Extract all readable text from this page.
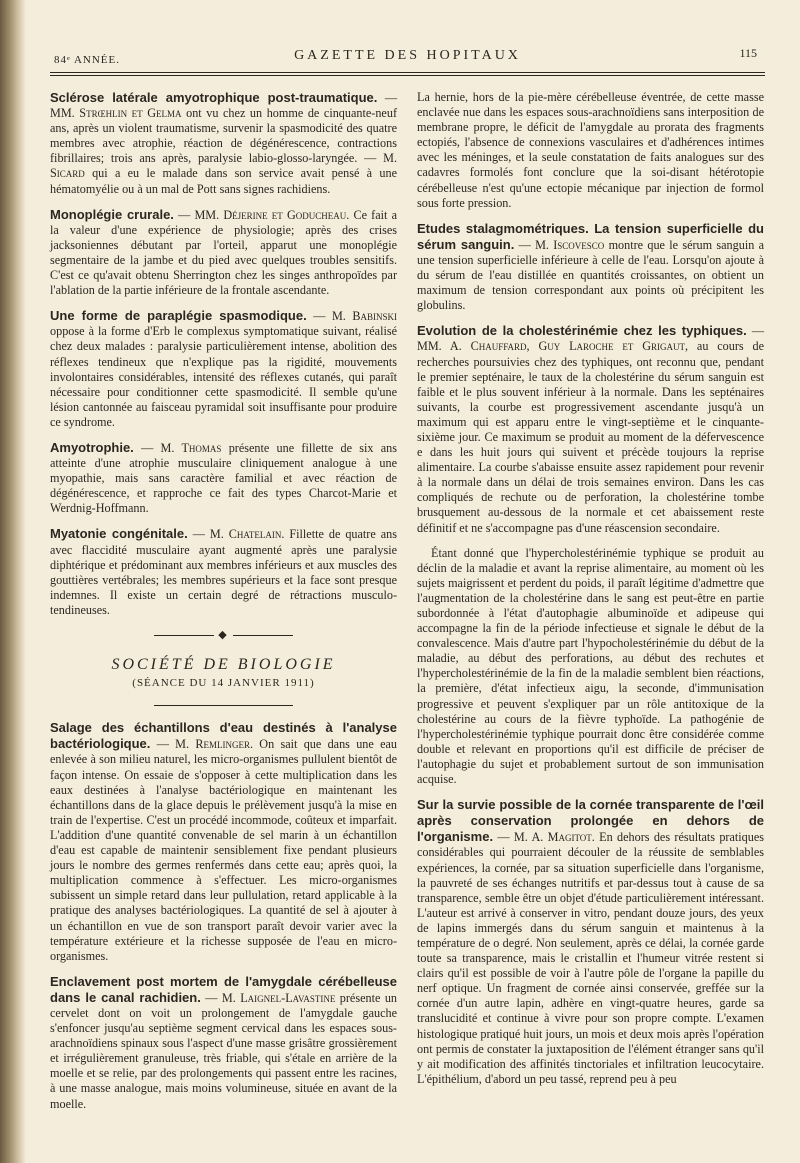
84ᵉ ANNÉE.	GAZETTE DES HOPITAUX	115

Sclérose latérale amyotrophique post-traumatique. — MM. Strœhlin et Gelma ont vu chez un homme de cinquante-neuf ans, après un violent traumatisme, survenir la spasmodicité des quatre membres avec atrophie, réaction de dégénérescence, contractions fibrillaires; trois ans après, paralysie labio-glosso-laryngée. — M. Sicard qui a eu le malade dans son service avait pensé à une hématomyélie ou à un mal de Pott sans signes rachidiens.

Monoplégie crurale. — MM. Déjerine et Goducheau. Ce fait a la valeur d'une expérience de physiologie; après des crises jacksoniennes débutant par l'orteil, apparut une monoplégie segmentaire de la jambe et du pied avec quelques troubles sensitifs. C'est ce qu'avait obtenu Sherrington chez les singes anthropoïdes par l'ablation de la partie inférieure de la frontale ascendante.

Une forme de paraplégie spasmodique. — M. Babinski oppose à la forme d'Erb le complexus symptomatique suivant, réalisé chez deux malades : paralysie particulièrement intense, abolition des réflexes tendineux que n'explique pas la rigidité, mouvements involontaires considérables, intensité des réflexes cutanés, qui paraît nécessaire pour conditionner cette spasmodicité. Il semble qu'une lésion cantonnée au faisceau pyramidal soit insuffisante pour produire ce syndrome.

Amyotrophie. — M. Thomas présente une fillette de six ans atteinte d'une atrophie musculaire cliniquement analogue à une myopathie, mais sans caractère familial et avec réaction de dégénérescence, et rapproche ce fait des types Charcot-Marie et Werdnig-Hoffmann.

Myatonie congénitale. — M. Chatelain. Fillette de quatre ans avec flaccidité musculaire ayant augmenté après une paralysie diphtérique et prédominant aux membres inférieurs et aux muscles des gouttières vertébrales; les membres supérieurs et la face sont presque indemnes. Il existe un certain degré de rétractions musculo-tendineuses.

◆
SOCIÉTÉ DE BIOLOGIE
(SÉANCE DU 14 JANVIER 1911)

Salage des échantillons d'eau destinés à l'analyse bactériologique. — M. Remlinger. On sait que dans une eau enlevée à son milieu naturel, les micro-organismes pullulent bientôt de façon intense. On essaie de s'opposer à cette multiplication dans les eaux destinées à l'analyse bactériologique en maintenant les échantillons dans de la glace depuis le prélèvement jusqu'à la mise en train de l'expertise. C'est un procédé incommode, coûteux et imparfait. L'addition d'une quantité convenable de sel marin à un échantillon d'eau est capable de maintenir sensiblement fixe pendant plusieurs jours le nombre des germes renfermés dans cette eau; après quoi, la multiplication commence à s'effectuer. Les micro-organismes subissent un simple retard dans leur pullulation, retard applicable à la pratique des analyses bactériologiques. La quantité de sel à ajouter à un échantillon en vue de son transport paraît devoir varier avec la température extérieure et la richesse supposée de l'eau en micro-organismes.

Enclavement post mortem de l'amygdale cérébelleuse dans le canal rachidien. — M. Laignel-Lavastine présente un cervelet dont on voit un prolongement de l'amygdale gauche s'enfoncer jusqu'au septième segment cervical dans les espaces sous-arachnoïdiens spinaux sous l'aspect d'une masse grisâtre grossièrement et irrégulièrement granuleuse, très friable, qui s'étale en arrière de la moelle et se relie, par des prolongements qui passent entre les racines, à une masse analogue, mais moins volumineuse, située en avant de la moelle.

La hernie, hors de la pie-mère cérébelleuse éventrée, de cette masse enclavée nue dans les espaces sous-arachnoïdiens sans interposition de membrane propre, le déficit de l'amygdale au prorata des fragments ectopiés, l'absence de connexions vasculaires et d'adhérences intimes avec les méninges, et la seule constatation de faits analogues sur des cadavres formolés font conclure que la soi-disant hétérotopie cérébelleuse n'est qu'une ectopie mécanique par injection de formol sous forte pression.

Etudes stalagmométriques. La tension superficielle du sérum sanguin. — M. Iscovesco montre que le sérum sanguin a une tension superficielle inférieure à celle de l'eau. Lorsqu'on ajoute à du sérum de l'eau distillée en quantités croissantes, on obtient un maximum de tension correspondant aux points où précipitent les globulins.

Evolution de la cholestérinémie chez les typhiques. — MM. A. Chauffard, Guy Laroche et Grigaut, au cours de recherches poursuivies chez des typhiques, ont reconnu que, pendant le premier septénaire, le taux de la cholestérine du sérum sanguin est faible et le plus souvent inférieur à la normale. Dans les septénaires suivants, la courbe est progressivement ascendante jusqu'à un maximum qui est apparu entre le vingt-septième et le cinquante-sixième jour. Ce maximum se produit au moment de la défervescence e dans les huit jours qui suivent et précède toujours la reprise alimentaire. La courbe s'abaisse ensuite assez rapidement pour revenir à la normale dans un délai de trois semaines environ. Dans les cas compliqués de rechute ou de perforation, la cholestérine tombe brusquement au-dessous de la normale et cet abaissement reste définitif et ne s'accompagne pas d'une réascension secondaire.

Étant donné que l'hypercholestérinémie typhique se produit au déclin de la maladie et avant la reprise alimentaire, au moment où les sujets maigrissent et perdent du poids, il paraît légitime d'admettre que l'augmentation de la cholestérine dans le sang est peut-être en partie subordonnée à l'état d'autophagie albuminoïde et adipeuse qui accompagne la fin de la période infectieuse et signale le début de la convalescence. Mais d'autre part l'hypocholestérinémie du début de la maladie, au début des perforations, au début des rechutes et l'hypercholestérinémie de la fin de la maladie semblent bien réactions, la première, d'état infectieux aigu, la seconde, d'immunisation progressive et peuvent s'expliquer par un rôle antitoxique de la cholestérine au cours de la fièvre typhoïde. La pathogénie de l'hypercholestérinémie typhique pourrait donc être considérée comme double et relevant en proportions qu'il est difficile de préciser de l'autophagie du sujet et probablement surtout de son immunisation acquise.

Sur la survie possible de la cornée transparente de l'œil après conservation prolongée en dehors de l'organisme. — M. A. Magitot. En dehors des résultats pratiques considérables qui pourraient découler de la réussite de semblables expériences, la cornée, par sa situation superficielle dans l'organisme, la pauvreté de ses échanges nutritifs et par-dessus tout à cause de sa transparence, semble être un objet d'étude particulièrement intéressant. L'auteur est arrivé à conserver in vitro, pendant douze jours, des yeux de lapins immergés dans du sérum sanguin et maintenus à la température de o degré. Non seulement, après ce délai, la cornée garde toute sa transparence, mais le cristallin et l'humeur vitrée restent si clairs qu'il est possible de voir à l'autre pôle de l'organe la papille du nerf optique. Un fragment de cornée ainsi conservée, greffée sur la cornée d'un autre lapin, adhère en vingt-quatre heures, garde sa translucidité et continue à vivre pour son propre compte. L'examen histologique pratiqué huit jours, un mois et deux mois après l'opération ont permis de constater la juxtaposition de l'élément étranger sans qu'il y ait modification des affinités tinctoriales et infiltration leucocytaire. L'épithélium, d'abord un peu tassé, reprend peu à peu
